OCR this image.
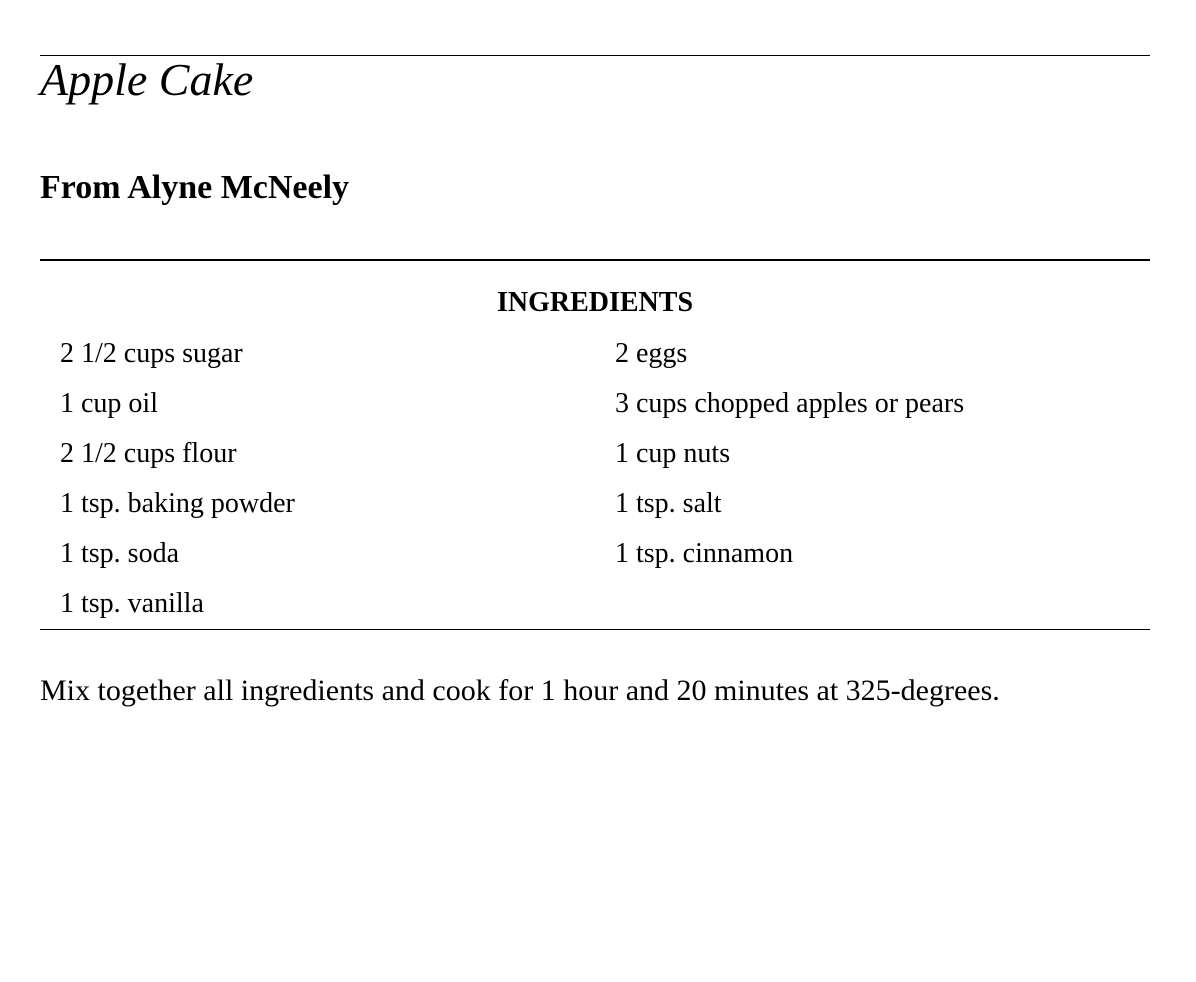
Apple Cake
From Alyne McNeely
INGREDIENTS
2 1/2 cups sugar
1 cup oil
2 1/2 cups flour
1 tsp. baking powder
1 tsp. soda
1 tsp. vanilla
2 eggs
3 cups chopped apples or pears
1 cup nuts
1 tsp. salt
1 tsp. cinnamon

Mix together all ingredients and cook for 1 hour and 20 minutes at 325-degrees.
